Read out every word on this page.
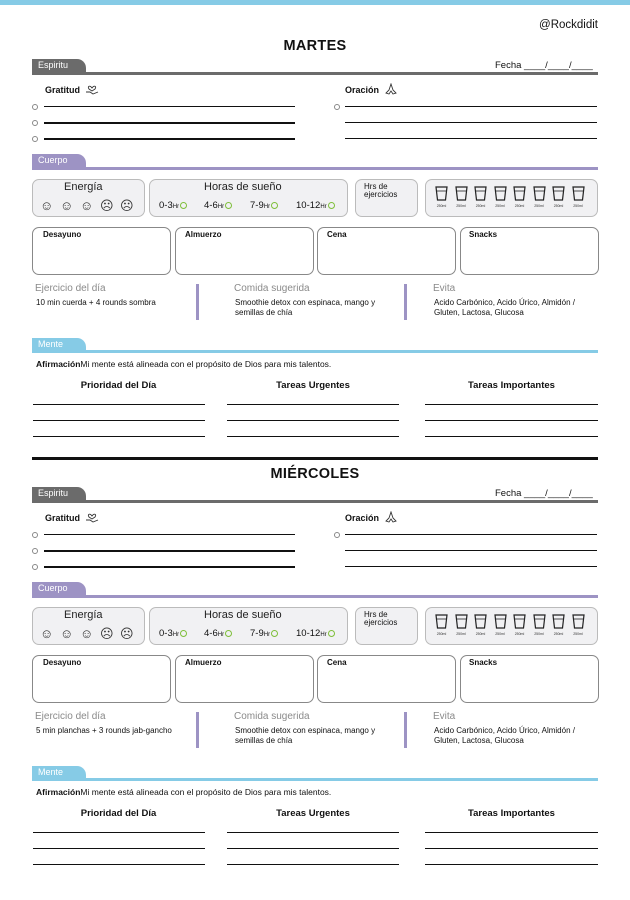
@Rockdidit
MARTES
Espiritu	Fecha ____/____/____
Gratitud	Oración
Cuerpo
Energía
☺ ☺ ☺ ☹ ☹
Horas de sueño
0-3Hr	4-6Hr	7-9Hr	10-12Hr
Hrs de ejercicios
250ml	250ml	250ml	250ml	250ml	250ml	250ml	250ml
Desayuno	Almuerzo	Cena	Snacks
Ejercicio del día
10 min cuerda + 4 rounds sombra
Comida sugerida
Smoothie detox con espinaca, mango y semillas de chía
Evita
Acido Carbónico, Acido Úrico, Almidón / Gluten, Lactosa, Glucosa
Mente
AfirmaciónMi mente está alineada con el propósito de Dios para mis talentos.
Prioridad del Día	Tareas Urgentes	Tareas Importantes
MIÉRCOLES
Espiritu	Fecha ____/____/____
Gratitud	Oración
Cuerpo
Energía
☺ ☺ ☺ ☹ ☹
Horas de sueño
0-3Hr	4-6Hr	7-9Hr	10-12Hr
Hrs de ejercicios
250ml	250ml	250ml	250ml	250ml	250ml	250ml	250ml
Desayuno	Almuerzo	Cena	Snacks
Ejercicio del día
5 min planchas + 3 rounds jab-gancho
Comida sugerida
Smoothie detox con espinaca, mango y semillas de chía
Evita
Acido Carbónico, Acido Úrico, Almidón / Gluten, Lactosa, Glucosa
Mente
AfirmaciónMi mente está alineada con el propósito de Dios para mis talentos.
Prioridad del Día	Tareas Urgentes	Tareas Importantes
